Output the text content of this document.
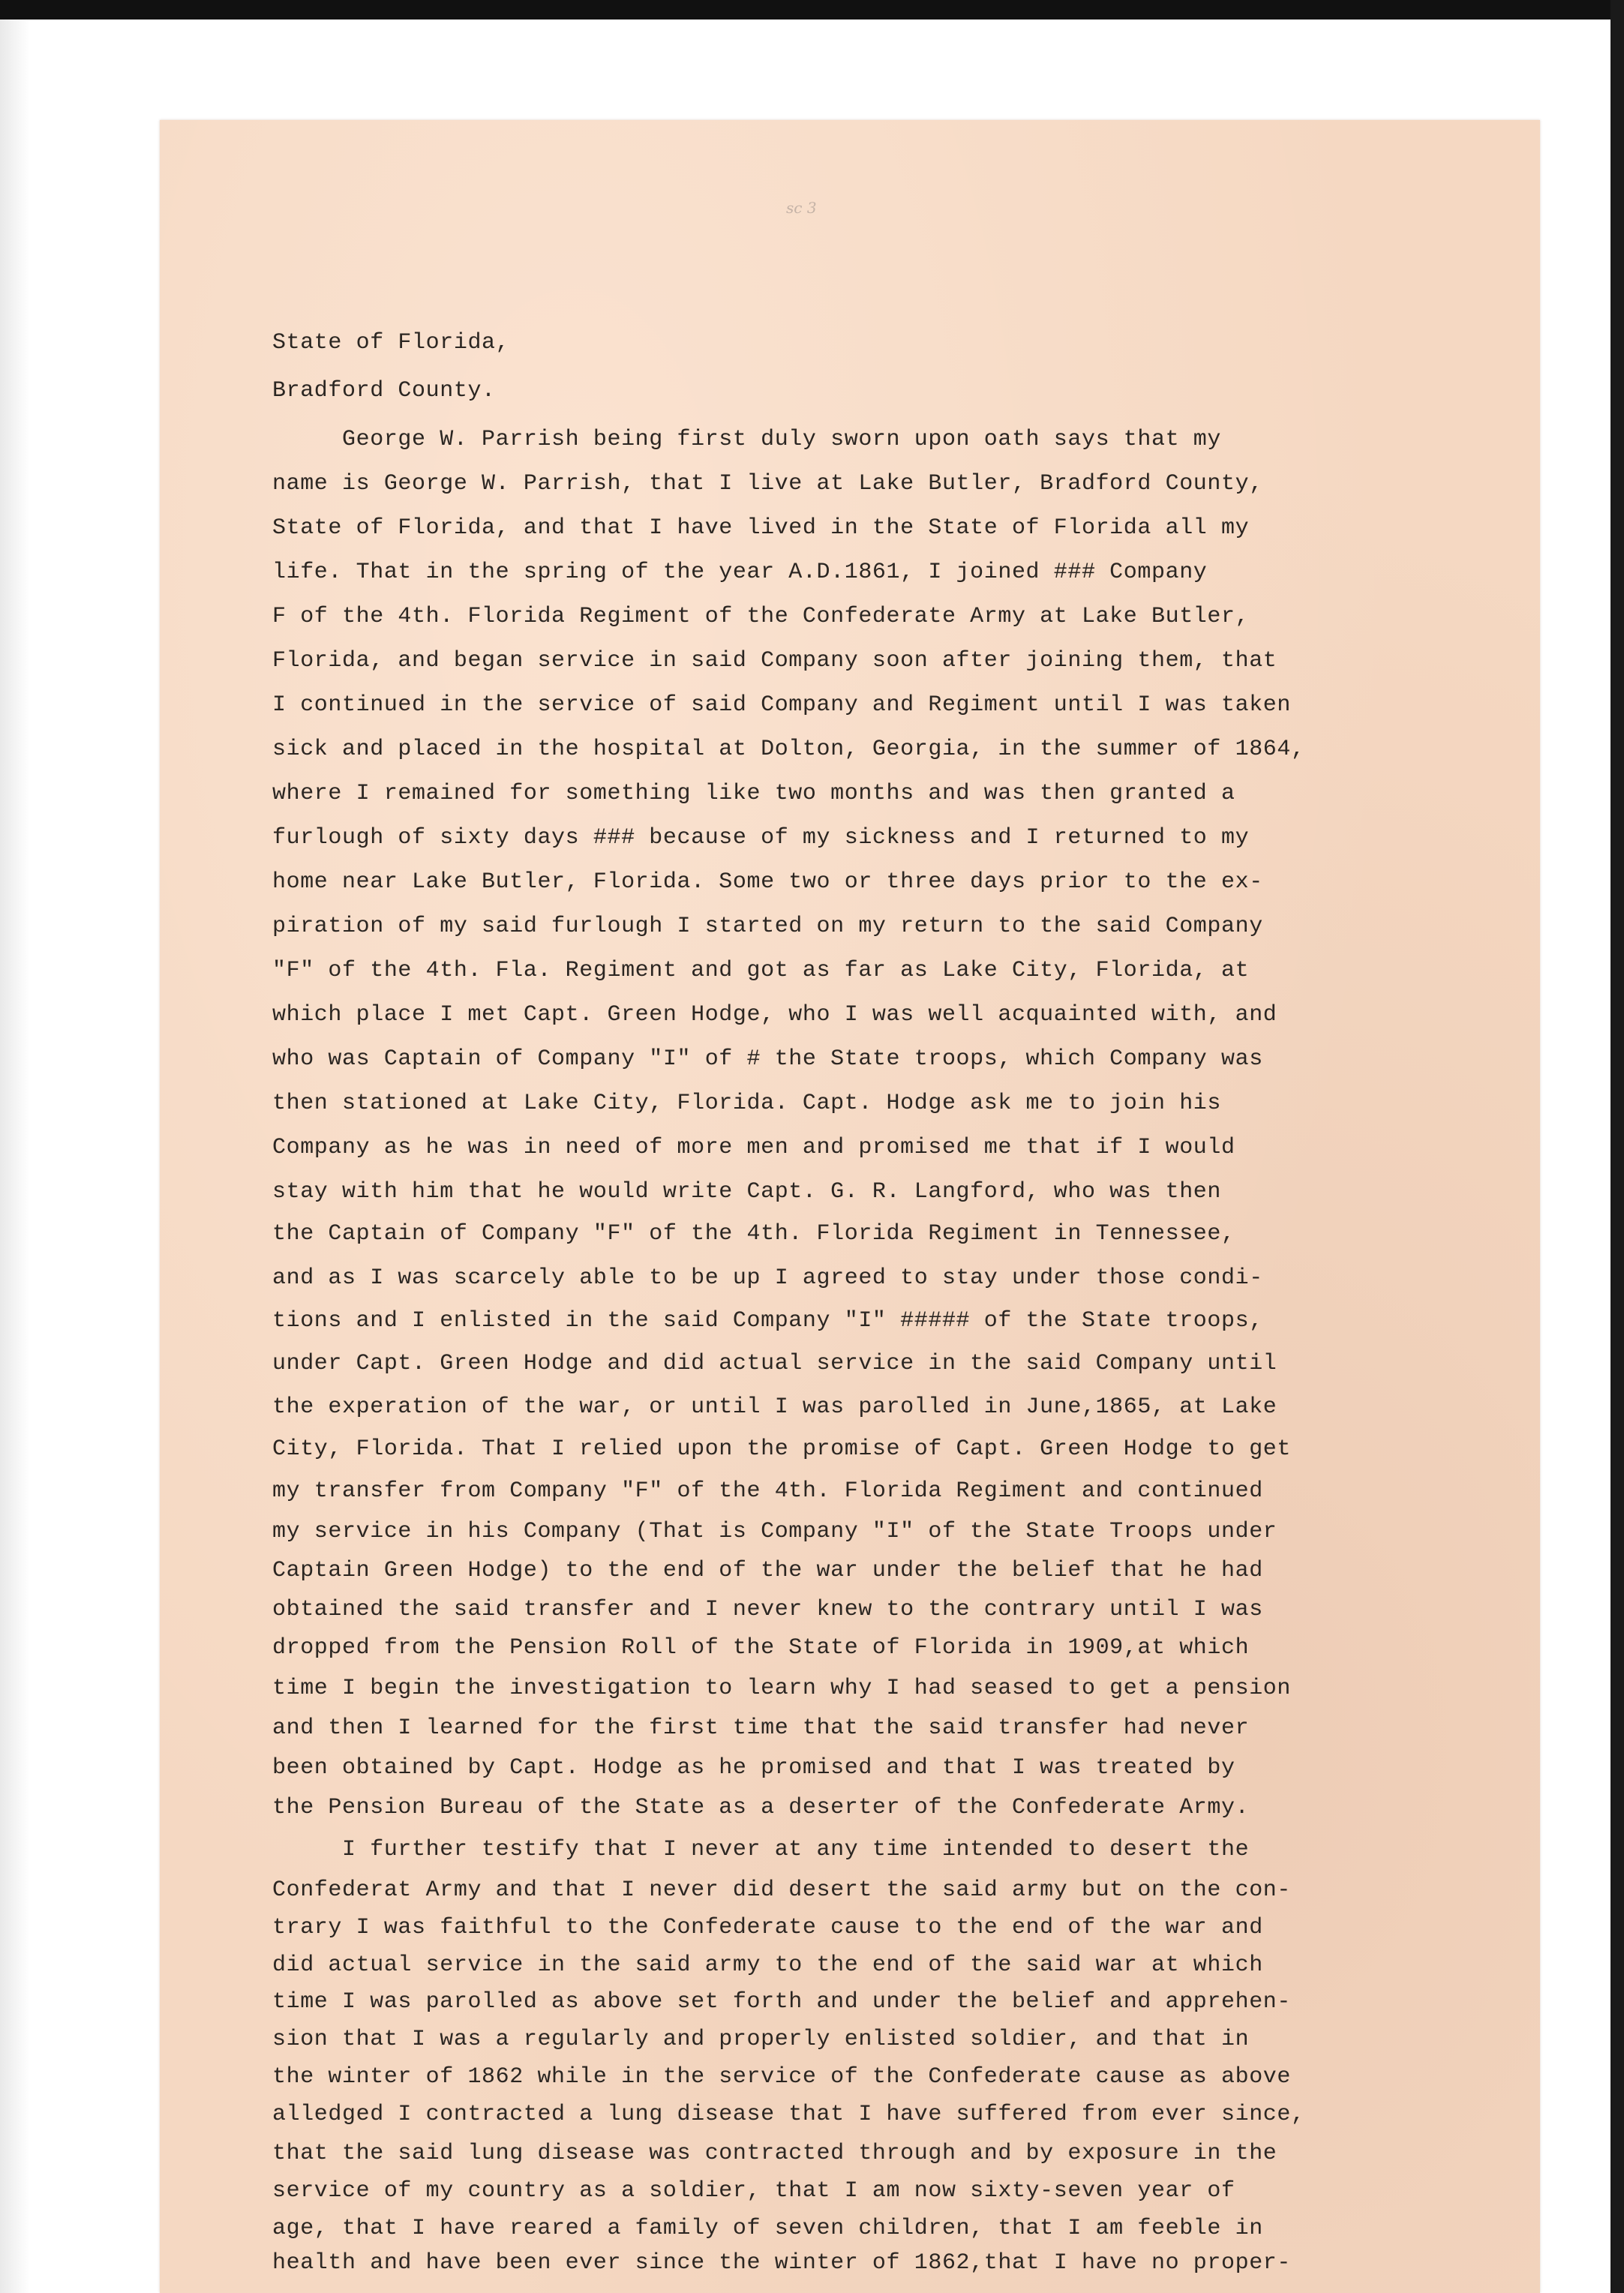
sc 3

State of Florida,

Bradford County.

George W. Parrish being first duly sworn upon oath says that my

name is George W. Parrish, that I live at Lake Butler, Bradford County,

State of Florida, and that I have lived in the State of Florida all my

life. That in the spring of the year A.D.1861, I joined ### Company

F of the 4th. Florida Regiment of the Confederate Army at Lake Butler,

Florida, and began service in said Company soon after joining them, that

I continued in the service of said Company and Regiment until I was taken

sick and placed in the hospital at Dolton, Georgia, in the summer of 1864,

where I remained for something like two months and was then granted a

furlough of sixty days ### because of my sickness and I returned to my

home near Lake Butler, Florida. Some two or three days prior to the ex-

piration of my said furlough I started on my return to the said Company

"F" of the 4th. Fla. Regiment and got as far as Lake City, Florida, at

which place I met Capt. Green Hodge, who I was well acquainted with, and

who was Captain of Company "I" of # the State troops, which Company was

then stationed at Lake City, Florida. Capt. Hodge ask me to join his

Company as he was in need of more men and promised me that if I would

stay with him that he would write Capt. G. R. Langford, who was then

the Captain of Company "F" of the 4th. Florida Regiment in Tennessee,

and as I was scarcely able to be up I agreed to stay under those condi-

tions and I enlisted in the said Company "I" ##### of the State troops,

under Capt. Green Hodge and did actual service in the said Company until

the experation of the war, or until I was parolled in June,1865, at Lake

City, Florida. That I relied upon the promise of Capt. Green Hodge to get

my transfer from Company "F" of the 4th. Florida Regiment and continued

my service in his Company (That is Company "I" of the State Troops under

Captain Green Hodge) to the end of the war under the belief that he had

obtained the said transfer and I never knew to the contrary until I was

dropped from the Pension Roll of the State of Florida in 1909,at which

time I begin the investigation to learn why I had seased to get a pension

and then I learned for the first time that the said transfer had never

been obtained by Capt. Hodge as he promised and that I was treated by

the Pension Bureau of the State as a deserter of the Confederate Army.

I further testify that I never at any time intended to desert the

Confederat Army and that I never did desert the said army but on the con-

trary I was faithful to the Confederate cause to the end of the war and

did actual service in the said army to the end of the said war at which

time I was parolled as above set forth and under the belief and apprehen-

sion that I was a regularly and properly enlisted soldier, and that in

the winter of 1862 while in the service of the Confederate cause as above

alledged I contracted a lung disease that I have suffered from ever since,

that the said lung disease was contracted through and by exposure in the

service of my country as a soldier, that I am now sixty-seven year of

age, that I have reared a family of seven children, that I am feeble in

health and have been ever since the winter of 1862,that I have no proper-
